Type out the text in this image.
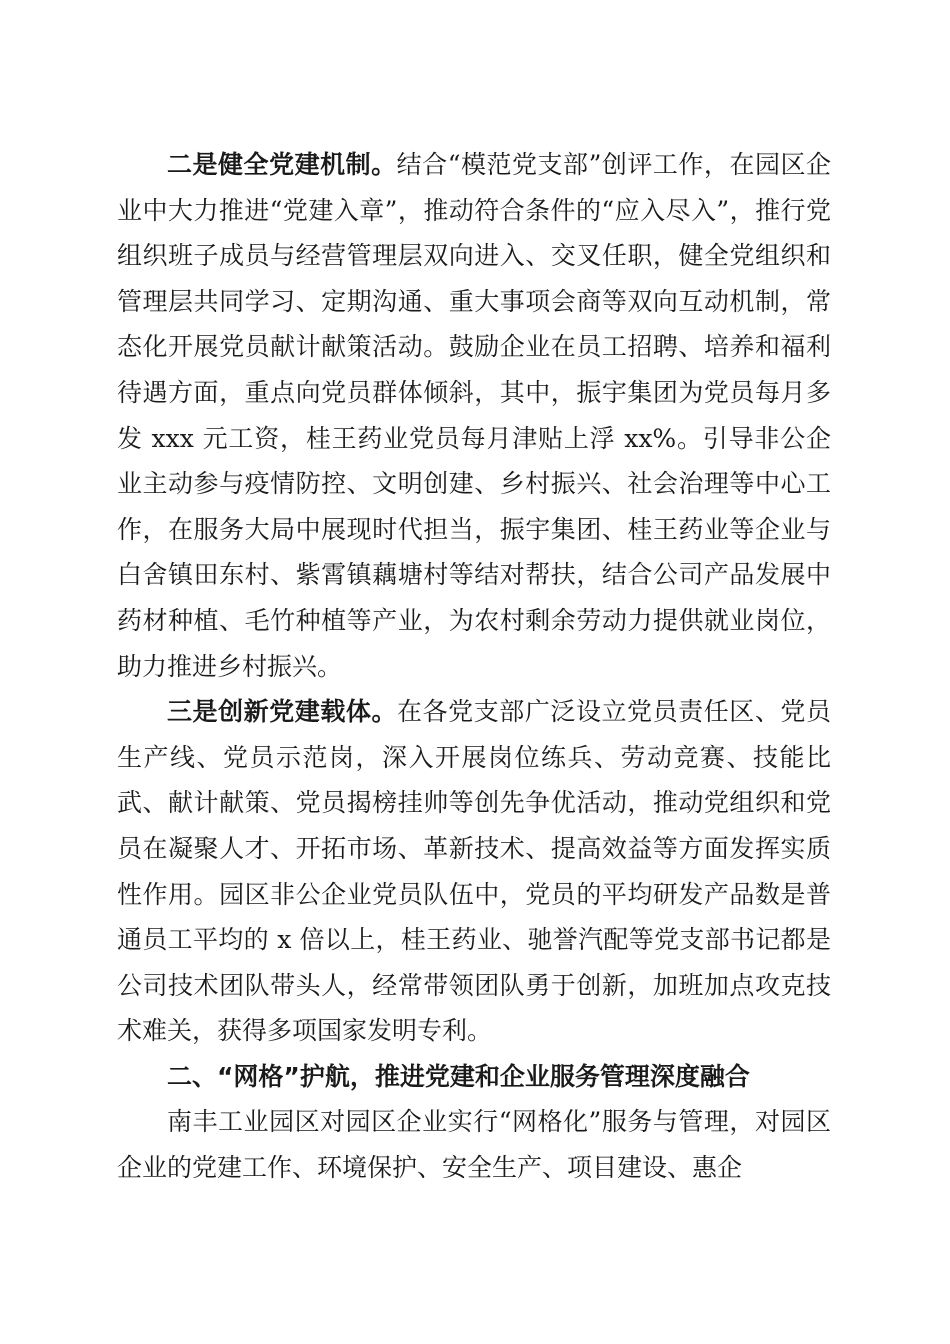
二是健全党建机制。结合“模范党支部”创评工作，在园区企业中大力推进“党建入章”，推动符合条件的“应入尽入”，推行党组织班子成员与经营管理层双向进入、交叉任职，健全党组织和管理层共同学习、定期沟通、重大事项会商等双向互动机制，常态化开展党员献计献策活动。鼓励企业在员工招聘、培养和福利待遇方面，重点向党员群体倾斜，其中，振宇集团为党员每月多发 xxx 元工资，桂王药业党员每月津贴上浮 xx%。引导非公企业主动参与疫情防控、文明创建、乡村振兴、社会治理等中心工作，在服务大局中展现时代担当，振宇集团、桂王药业等企业与白舍镇田东村、紫霄镇藕塘村等结对帮扶，结合公司产品发展中药材种植、毛竹种植等产业，为农村剩余劳动力提供就业岗位，助力推进乡村振兴。

三是创新党建载体。在各党支部广泛设立党员责任区、党员生产线、党员示范岗，深入开展岗位练兵、劳动竞赛、技能比武、献计献策、党员揭榜挂帅等创先争优活动，推动党组织和党员在凝聚人才、开拓市场、革新技术、提高效益等方面发挥实质性作用。园区非公企业党员队伍中，党员的平均研发产品数是普通员工平均的 x 倍以上，桂王药业、驰誉汽配等党支部书记都是公司技术团队带头人，经常带领团队勇于创新，加班加点攻克技术难关，获得多项国家发明专利。

二、“网格”护航，推进党建和企业服务管理深度融合

南丰工业园区对园区企业实行“网格化”服务与管理，对园区企业的党建工作、环境保护、安全生产、项目建设、惠企
